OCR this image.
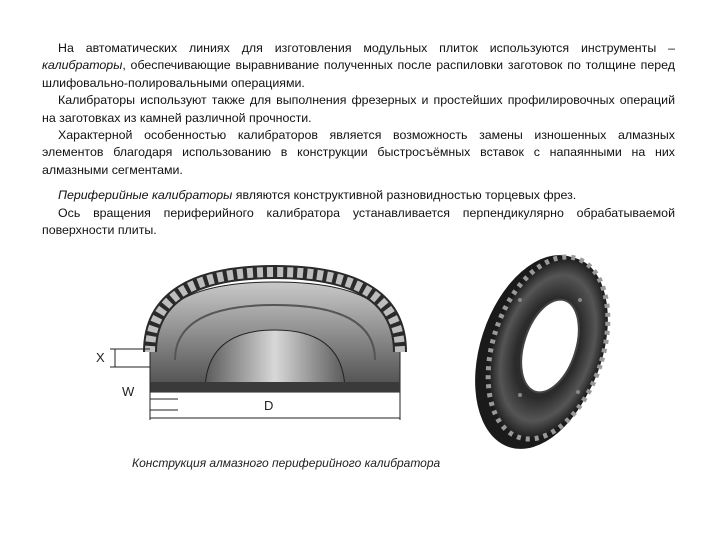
На автоматических линиях для изготовления модульных плиток используются инструменты – калибраторы, обеспечивающие выравнивание полученных после распиловки заготовок по толщине перед шлифовально-полировальными операциями.

Калибраторы используют также для выполнения фрезерных и простейших профилировочных операций на заготовках из камней различной прочности.

Характерной особенностью калибраторов является возможность замены изношенных алмазных элементов благодаря использованию в конструкции быстросъёмных вставок с напаянными на них алмазными сегментами.

Периферийные калибраторы являются конструктивной разновидностью торцевых фрез.

Ось вращения периферийного калибратора устанавливается перпендикулярно обрабатываемой поверхности плиты.

X
W
D
Конструкция алмазного периферийного калибратора
